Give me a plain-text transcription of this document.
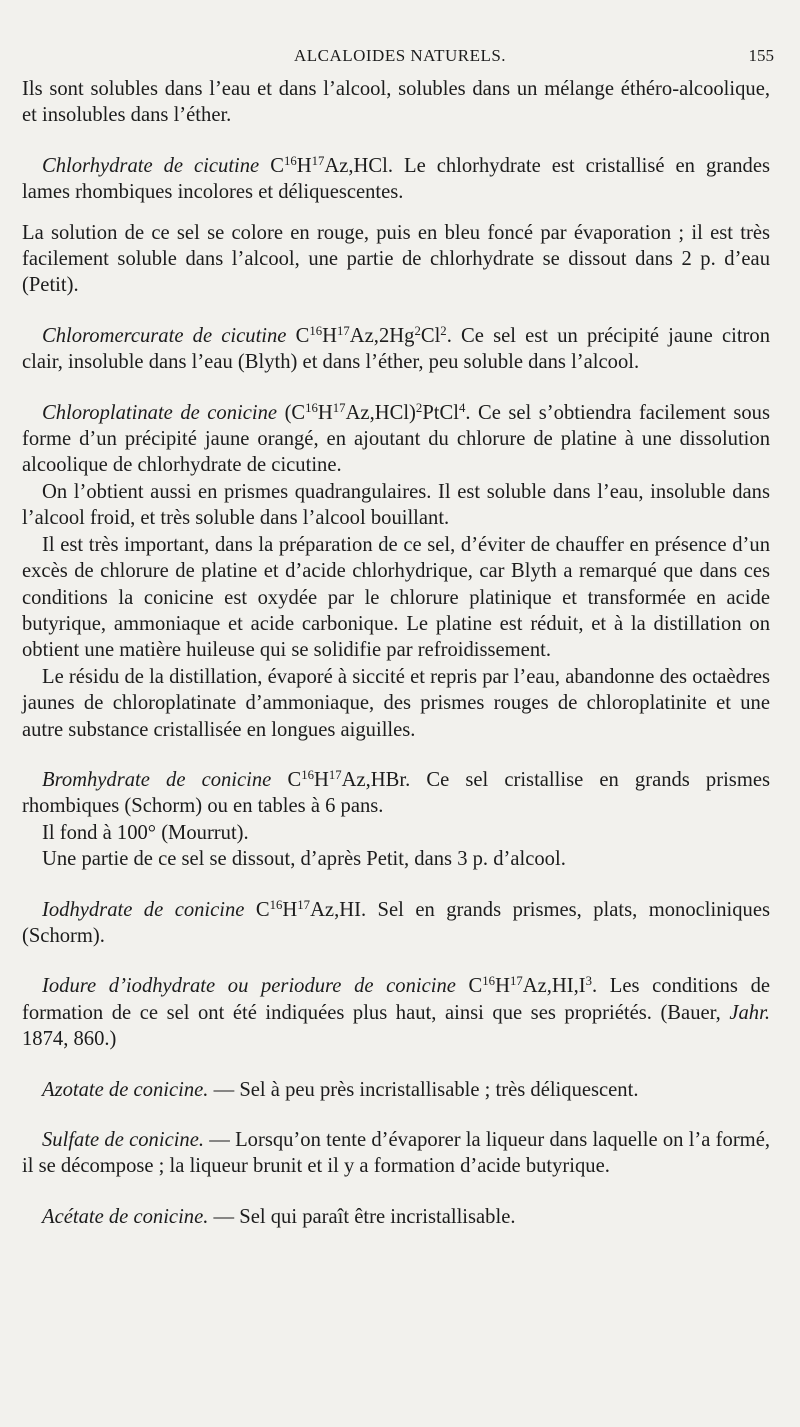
ALCALOIDES NATURELS.	155

Ils sont solubles dans l’eau et dans l’alcool, solubles dans un mélange éthéro-alcoolique, et insolubles dans l’éther.

Chlorhydrate de cicutine $C^{16}H^{17}Az,HCl$. Le chlorhydrate est cristallisé en grandes lames rhombiques incolores et déliquescentes.

La solution de ce sel se colore en rouge, puis en bleu foncé par évaporation ; il est très facilement soluble dans l’alcool, une partie de chlorhydrate se dissout dans 2 p. d’eau (Petit).

Chloromercurate de cicutine $C^{16}H^{17}Az,2Hg^2Cl^2$. Ce sel est un précipité jaune citron clair, insoluble dans l’eau (Blyth) et dans l’éther, peu soluble dans l’alcool.

Chloroplatinate de conicine $(C^{16}H^{17}Az,HCl)^2PtCl^4$. Ce sel s’obtiendra facilement sous forme d’un précipité jaune orangé, en ajoutant du chlorure de platine à une dissolution alcoolique de chlorhydrate de cicutine.

On l’obtient aussi en prismes quadrangulaires. Il est soluble dans l’eau, insoluble dans l’alcool froid, et très soluble dans l’alcool bouillant.

Il est très important, dans la préparation de ce sel, d’éviter de chauffer en présence d’un excès de chlorure de platine et d’acide chlorhydrique, car Blyth a remarqué que dans ces conditions la conicine est oxydée par le chlorure platinique et transformée en acide butyrique, ammoniaque et acide carbonique. Le platine est réduit, et à la distillation on obtient une matière huileuse qui se solidifie par refroidissement.

Le résidu de la distillation, évaporé à siccité et repris par l’eau, abandonne des octaèdres jaunes de chloroplatinate d’ammoniaque, des prismes rouges de chloroplatinite et une autre substance cristallisée en longues aiguilles.

Bromhydrate de conicine $C^{16}H^{17}Az,HBr$. Ce sel cristallise en grands prismes rhombiques (Schorm) ou en tables à 6 pans.

Il fond à 100° (Mourrut).

Une partie de ce sel se dissout, d’après Petit, dans 3 p. d’alcool.

Iodhydrate de conicine $C^{16}H^{17}Az,HI$. Sel en grands prismes, plats, monocliniques (Schorm).

Iodure d’iodhydrate ou periodure de conicine $C^{16}H^{17}Az,HI,I^3$. Les conditions de formation de ce sel ont été indiquées plus haut, ainsi que ses propriétés. (Bauer, Jahr. 1874, 860.)

Azotate de conicine. — Sel à peu près incristallisable ; très déliquescent.

Sulfate de conicine. — Lorsqu’on tente d’évaporer la liqueur dans laquelle on l’a formé, il se décompose ; la liqueur brunit et il y a formation d’acide butyrique.

Acétate de conicine. — Sel qui paraît être incristallisable.
